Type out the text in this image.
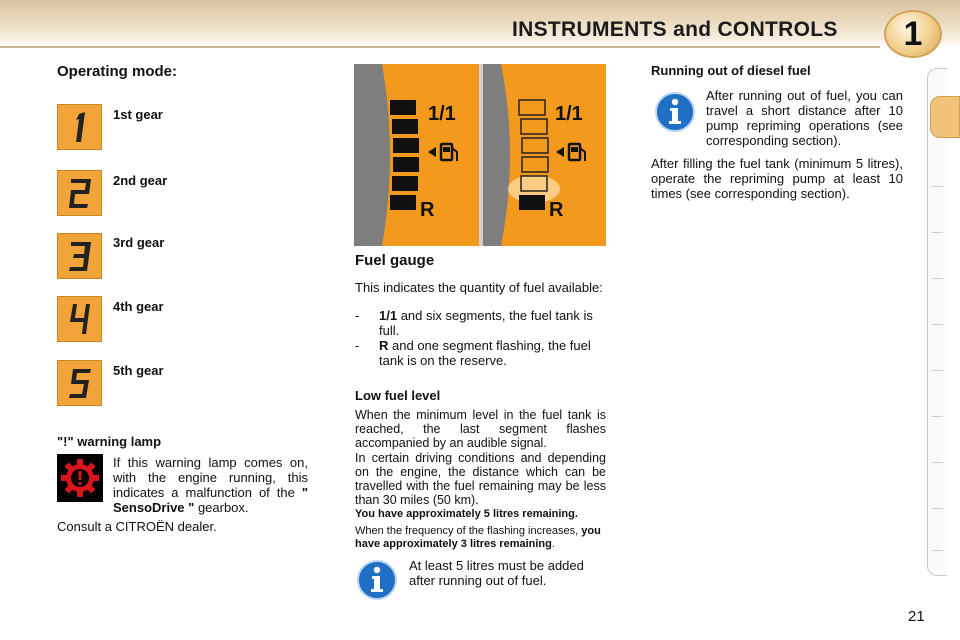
INSTRUMENTS and CONTROLS	1
Operating mode:
1st gear
2nd gear
3rd gear
4th gear
5th gear
"!" warning lamp
If this warning lamp comes on, with the engine running, this indicates a malfunction of the " SensoDrive " gearbox.
Consult a CITROËN dealer.
1/1
R
1/1
R
Fuel gauge
This indicates the quantity of fuel available:
- 1/1 and six segments, the fuel tank is full.
- R and one segment flashing, the fuel tank is on the reserve.
Low fuel level
When the minimum level in the fuel tank is reached, the last segment flashes accompanied by an audible signal.
In certain driving conditions and depending on the engine, the distance which can be travelled with the fuel remaining may be less than 30 miles (50 km).
You have approximately 5 litres remaining.
When the frequency of the flashing increases, you have approximately 3 litres remaining.
At least 5 litres must be added after running out of fuel.
Running out of diesel fuel
After running out of fuel, you can travel a short distance after 10 pump repriming operations (see corresponding section).
After filling the fuel tank (minimum 5 litres), operate the repriming pump at least 10 times (see corresponding section).
21
